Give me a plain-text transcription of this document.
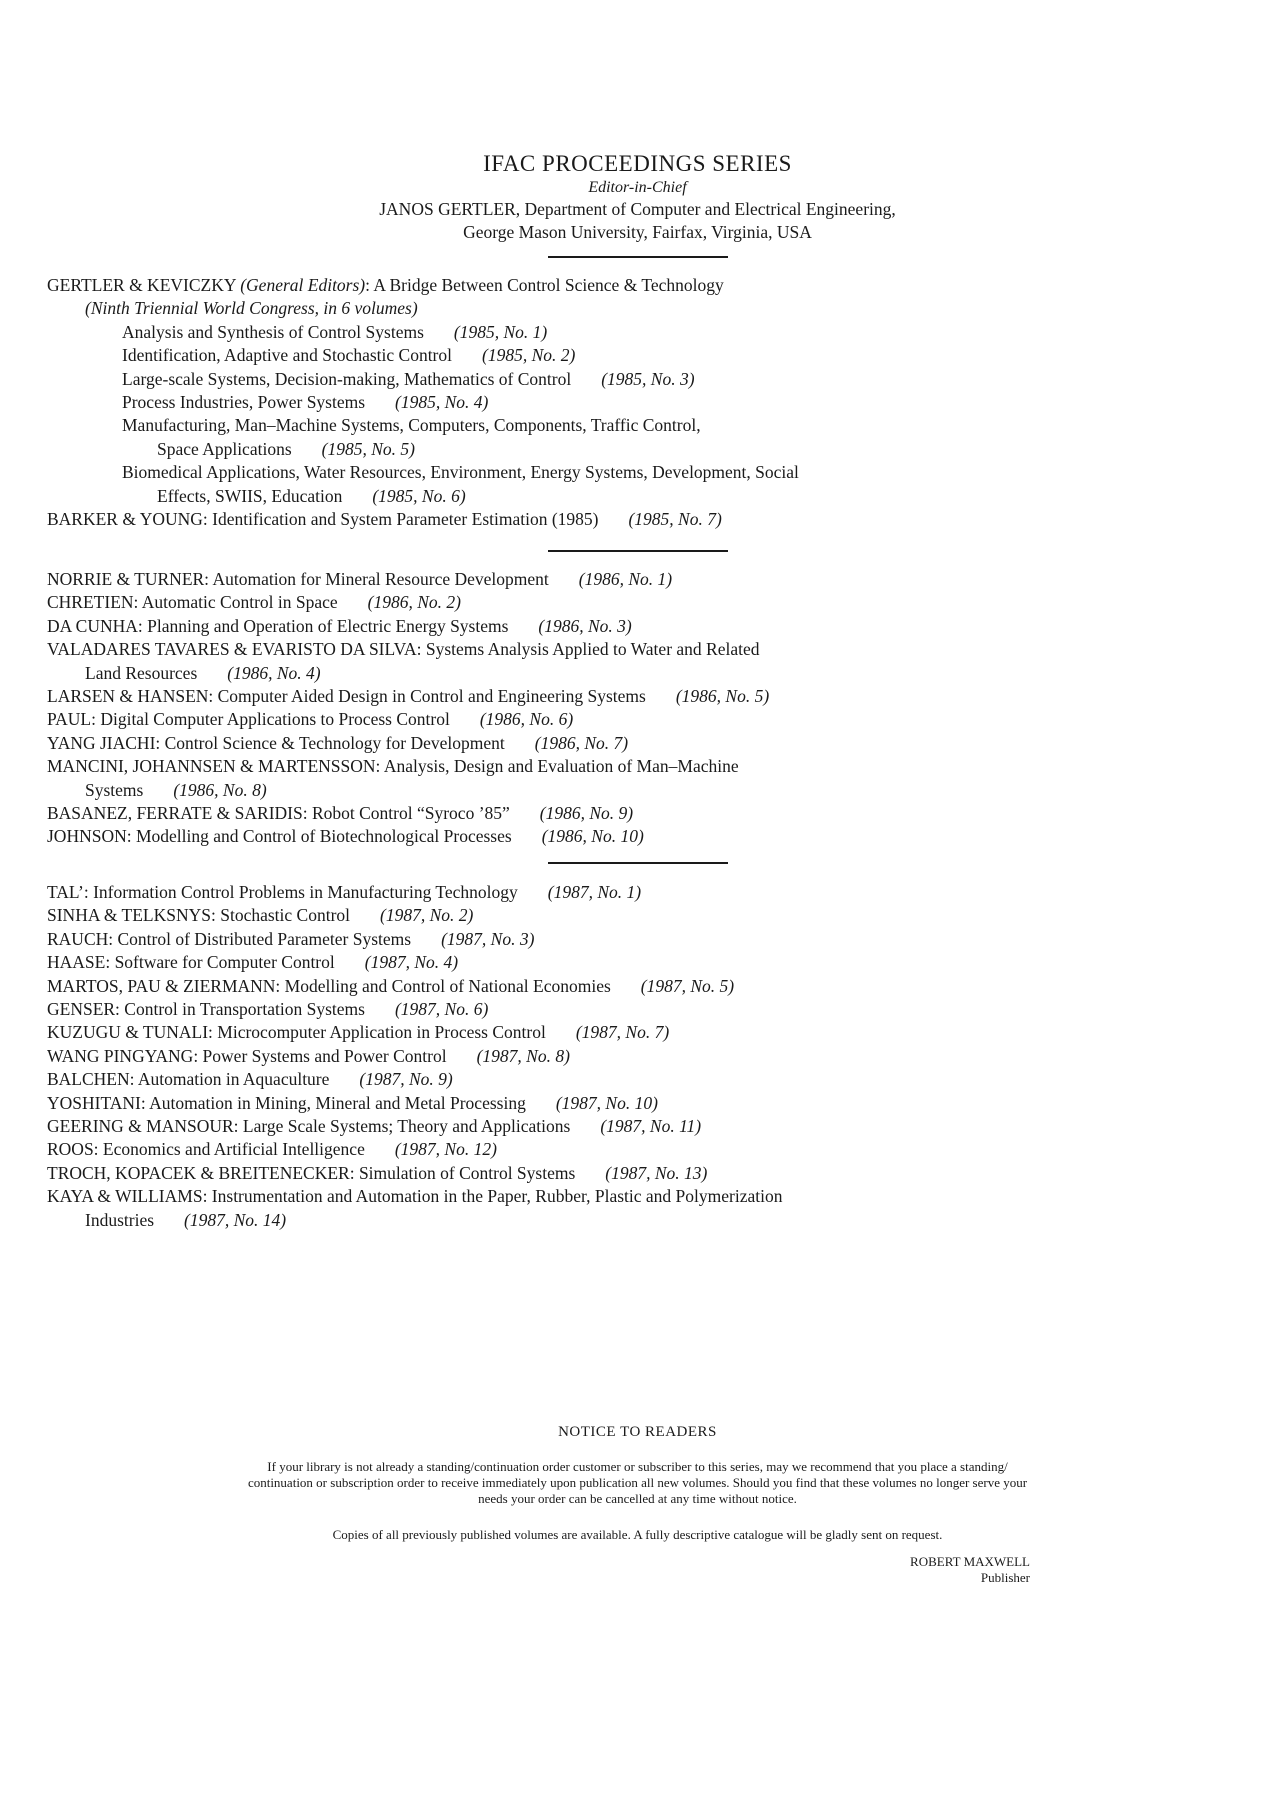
IFAC PROCEEDINGS SERIES
Editor-in-Chief
JANOS GERTLER, Department of Computer and Electrical Engineering,
George Mason University, Fairfax, Virginia, USA
GERTLER & KEVICZKY (General Editors): A Bridge Between Control Science & Technology
(Ninth Triennial World Congress, in 6 volumes)
Analysis and Synthesis of Control Systems (1985, No. 1)
Identification, Adaptive and Stochastic Control (1985, No. 2)
Large-scale Systems, Decision-making, Mathematics of Control (1985, No. 3)
Process Industries, Power Systems (1985, No. 4)
Manufacturing, Man–Machine Systems, Computers, Components, Traffic Control,
Space Applications (1985, No. 5)
Biomedical Applications, Water Resources, Environment, Energy Systems, Development, Social
Effects, SWIIS, Education (1985, No. 6)
BARKER & YOUNG: Identification and System Parameter Estimation (1985) (1985, No. 7)
NORRIE & TURNER: Automation for Mineral Resource Development (1986, No. 1)
CHRETIEN: Automatic Control in Space (1986, No. 2)
DA CUNHA: Planning and Operation of Electric Energy Systems (1986, No. 3)
VALADARES TAVARES & EVARISTO DA SILVA: Systems Analysis Applied to Water and Related
Land Resources (1986, No. 4)
LARSEN & HANSEN: Computer Aided Design in Control and Engineering Systems (1986, No. 5)
PAUL: Digital Computer Applications to Process Control (1986, No. 6)
YANG JIACHI: Control Science & Technology for Development (1986, No. 7)
MANCINI, JOHANNSEN & MARTENSSON: Analysis, Design and Evaluation of Man–Machine
Systems (1986, No. 8)
BASANEZ, FERRATE & SARIDIS: Robot Control “Syroco ’85” (1986, No. 9)
JOHNSON: Modelling and Control of Biotechnological Processes (1986, No. 10)
TAL’: Information Control Problems in Manufacturing Technology (1987, No. 1)
SINHA & TELKSNYS: Stochastic Control (1987, No. 2)
RAUCH: Control of Distributed Parameter Systems (1987, No. 3)
HAASE: Software for Computer Control (1987, No. 4)
MARTOS, PAU & ZIERMANN: Modelling and Control of National Economies (1987, No. 5)
GENSER: Control in Transportation Systems (1987, No. 6)
KUZUGU & TUNALI: Microcomputer Application in Process Control (1987, No. 7)
WANG PINGYANG: Power Systems and Power Control (1987, No. 8)
BALCHEN: Automation in Aquaculture (1987, No. 9)
YOSHITANI: Automation in Mining, Mineral and Metal Processing (1987, No. 10)
GEERING & MANSOUR: Large Scale Systems; Theory and Applications (1987, No. 11)
ROOS: Economics and Artificial Intelligence (1987, No. 12)
TROCH, KOPACEK & BREITENECKER: Simulation of Control Systems (1987, No. 13)
KAYA & WILLIAMS: Instrumentation and Automation in the Paper, Rubber, Plastic and Polymerization
Industries (1987, No. 14)
NOTICE TO READERS

If your library is not already a standing/continuation order customer or subscriber to this series, may we recommend that you place a standing/
continuation or subscription order to receive immediately upon publication all new volumes. Should you find that these volumes no longer serve your
needs your order can be cancelled at any time without notice.

Copies of all previously published volumes are available. A fully descriptive catalogue will be gladly sent on request.

ROBERT MAXWELL
Publisher
